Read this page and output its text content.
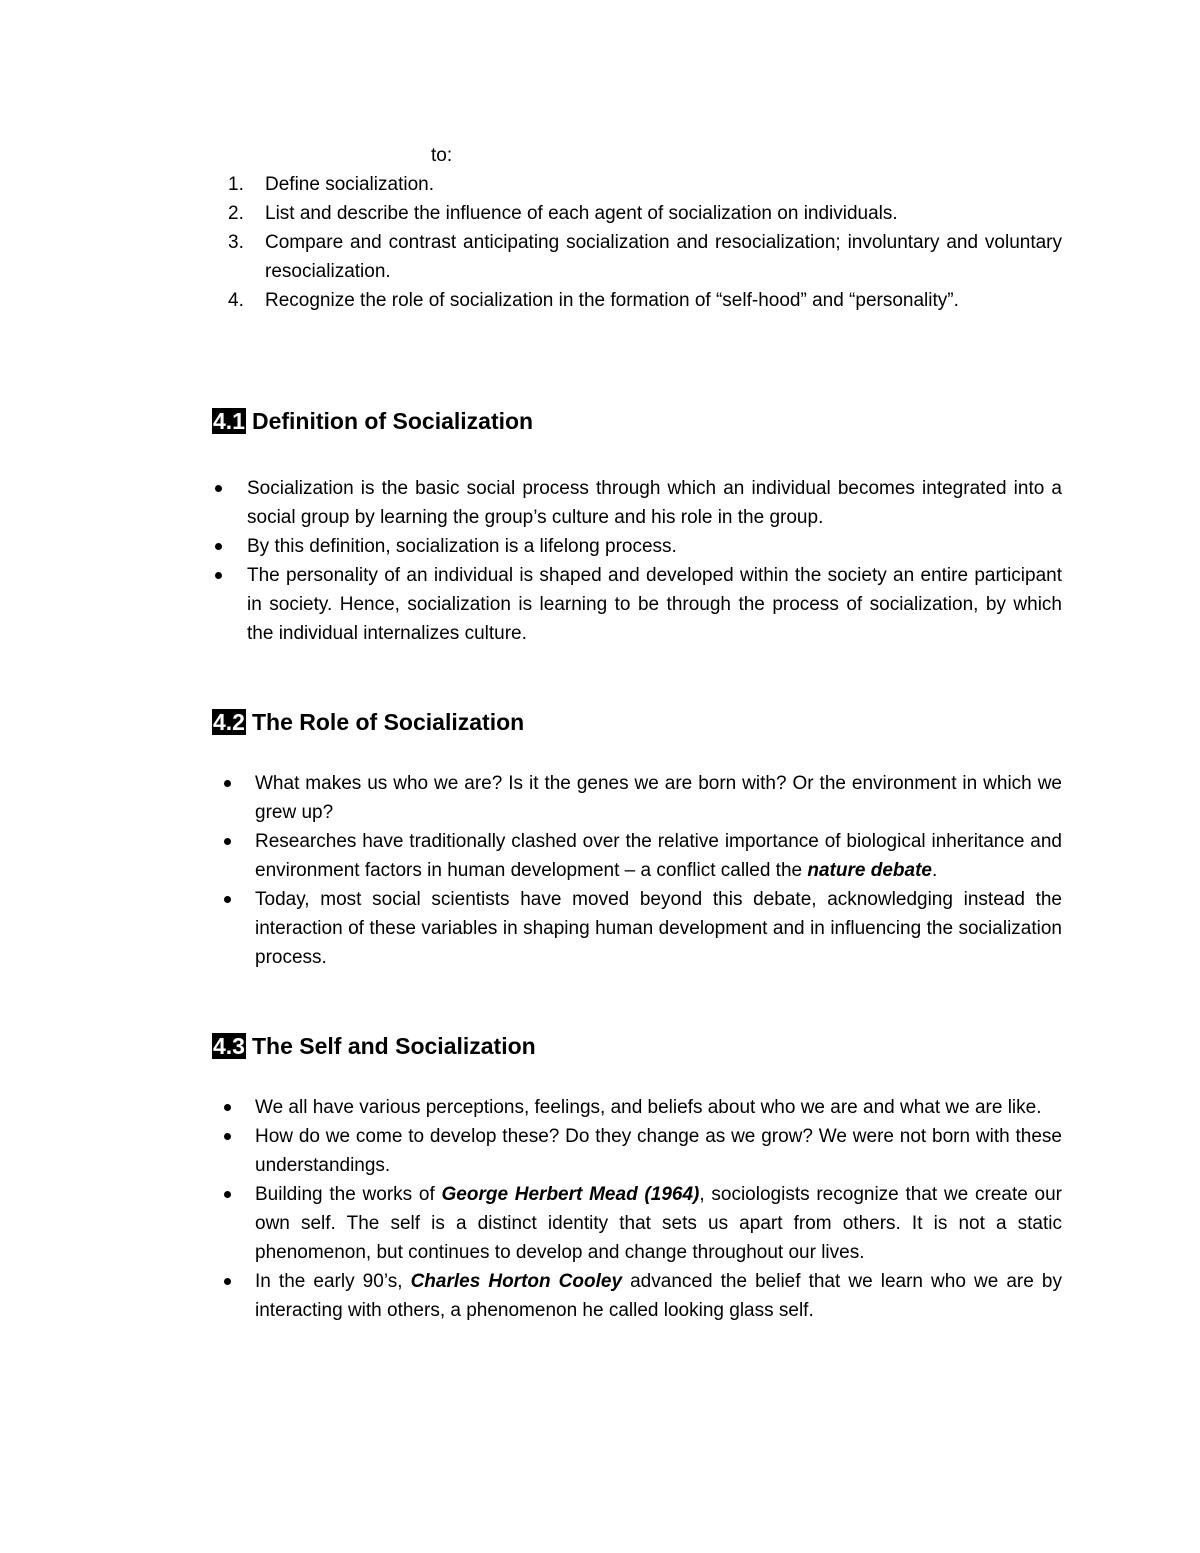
to:
1. Define socialization.
2. List and describe the influence of each agent of socialization on individuals.
3. Compare and contrast anticipating socialization and resocialization; involuntary and voluntary resocialization.
4. Recognize the role of socialization in the formation of “self-hood” and “personality”.
4.1 Definition of Socialization
Socialization is the basic social process through which an individual becomes integrated into a social group by learning the group’s culture and his role in the group.
By this definition, socialization is a lifelong process.
The personality of an individual is shaped and developed within the society an entire participant in society. Hence, socialization is learning to be through the process of socialization, by which the individual internalizes culture.
4.2 The Role of Socialization
What makes us who we are? Is it the genes we are born with? Or the environment in which we grew up?
Researches have traditionally clashed over the relative importance of biological inheritance and environment factors in human development – a conflict called the nature debate.
Today, most social scientists have moved beyond this debate, acknowledging instead the interaction of these variables in shaping human development and in influencing the socialization process.
4.3 The Self and Socialization
We all have various perceptions, feelings, and beliefs about who we are and what we are like.
How do we come to develop these? Do they change as we grow? We were not born with these understandings.
Building the works of George Herbert Mead (1964), sociologists recognize that we create our own self. The self is a distinct identity that sets us apart from others. It is not a static phenomenon, but continues to develop and change throughout our lives.
In the early 90’s, Charles Horton Cooley advanced the belief that we learn who we are by interacting with others, a phenomenon he called looking glass self.
